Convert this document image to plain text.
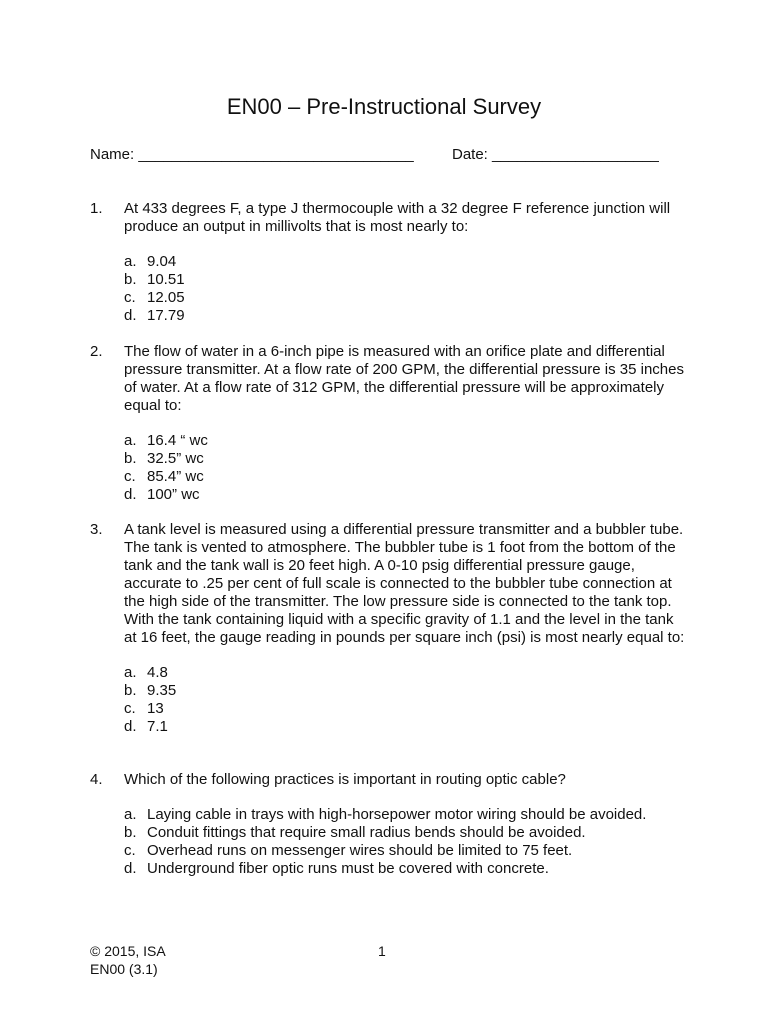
EN00 – Pre-Instructional Survey
Name: _________________________________	Date: ____________________
1. At 433 degrees F, a type J thermocouple with a 32 degree F reference junction will produce an output in millivolts that is most nearly to:
a. 9.04
b. 10.51
c. 12.05
d. 17.79
2. The flow of water in a 6-inch pipe is measured with an orifice plate and differential pressure transmitter. At a flow rate of 200 GPM, the differential pressure is 35 inches of water. At a flow rate of 312 GPM, the differential pressure will be approximately equal to:
a. 16.4 “ wc
b. 32.5” wc
c. 85.4” wc
d. 100” wc
3. A tank level is measured using a differential pressure transmitter and a bubbler tube. The tank is vented to atmosphere. The bubbler tube is 1 foot from the bottom of the tank and the tank wall is 20 feet high. A 0-10 psig differential pressure gauge, accurate to .25 per cent of full scale is connected to the bubbler tube connection at the high side of the transmitter. The low pressure side is connected to the tank top. With the tank containing liquid with a specific gravity of 1.1 and the level in the tank at 16 feet, the gauge reading in pounds per square inch (psi) is most nearly equal to:
a. 4.8
b. 9.35
c. 13
d. 7.1
4. Which of the following practices is important in routing optic cable?
a. Laying cable in trays with high-horsepower motor wiring should be avoided.
b. Conduit fittings that require small radius bends should be avoided.
c. Overhead runs on messenger wires should be limited to 75 feet.
d. Underground fiber optic runs must be covered with concrete.
© 2015, ISA
EN00 (3.1)
1
